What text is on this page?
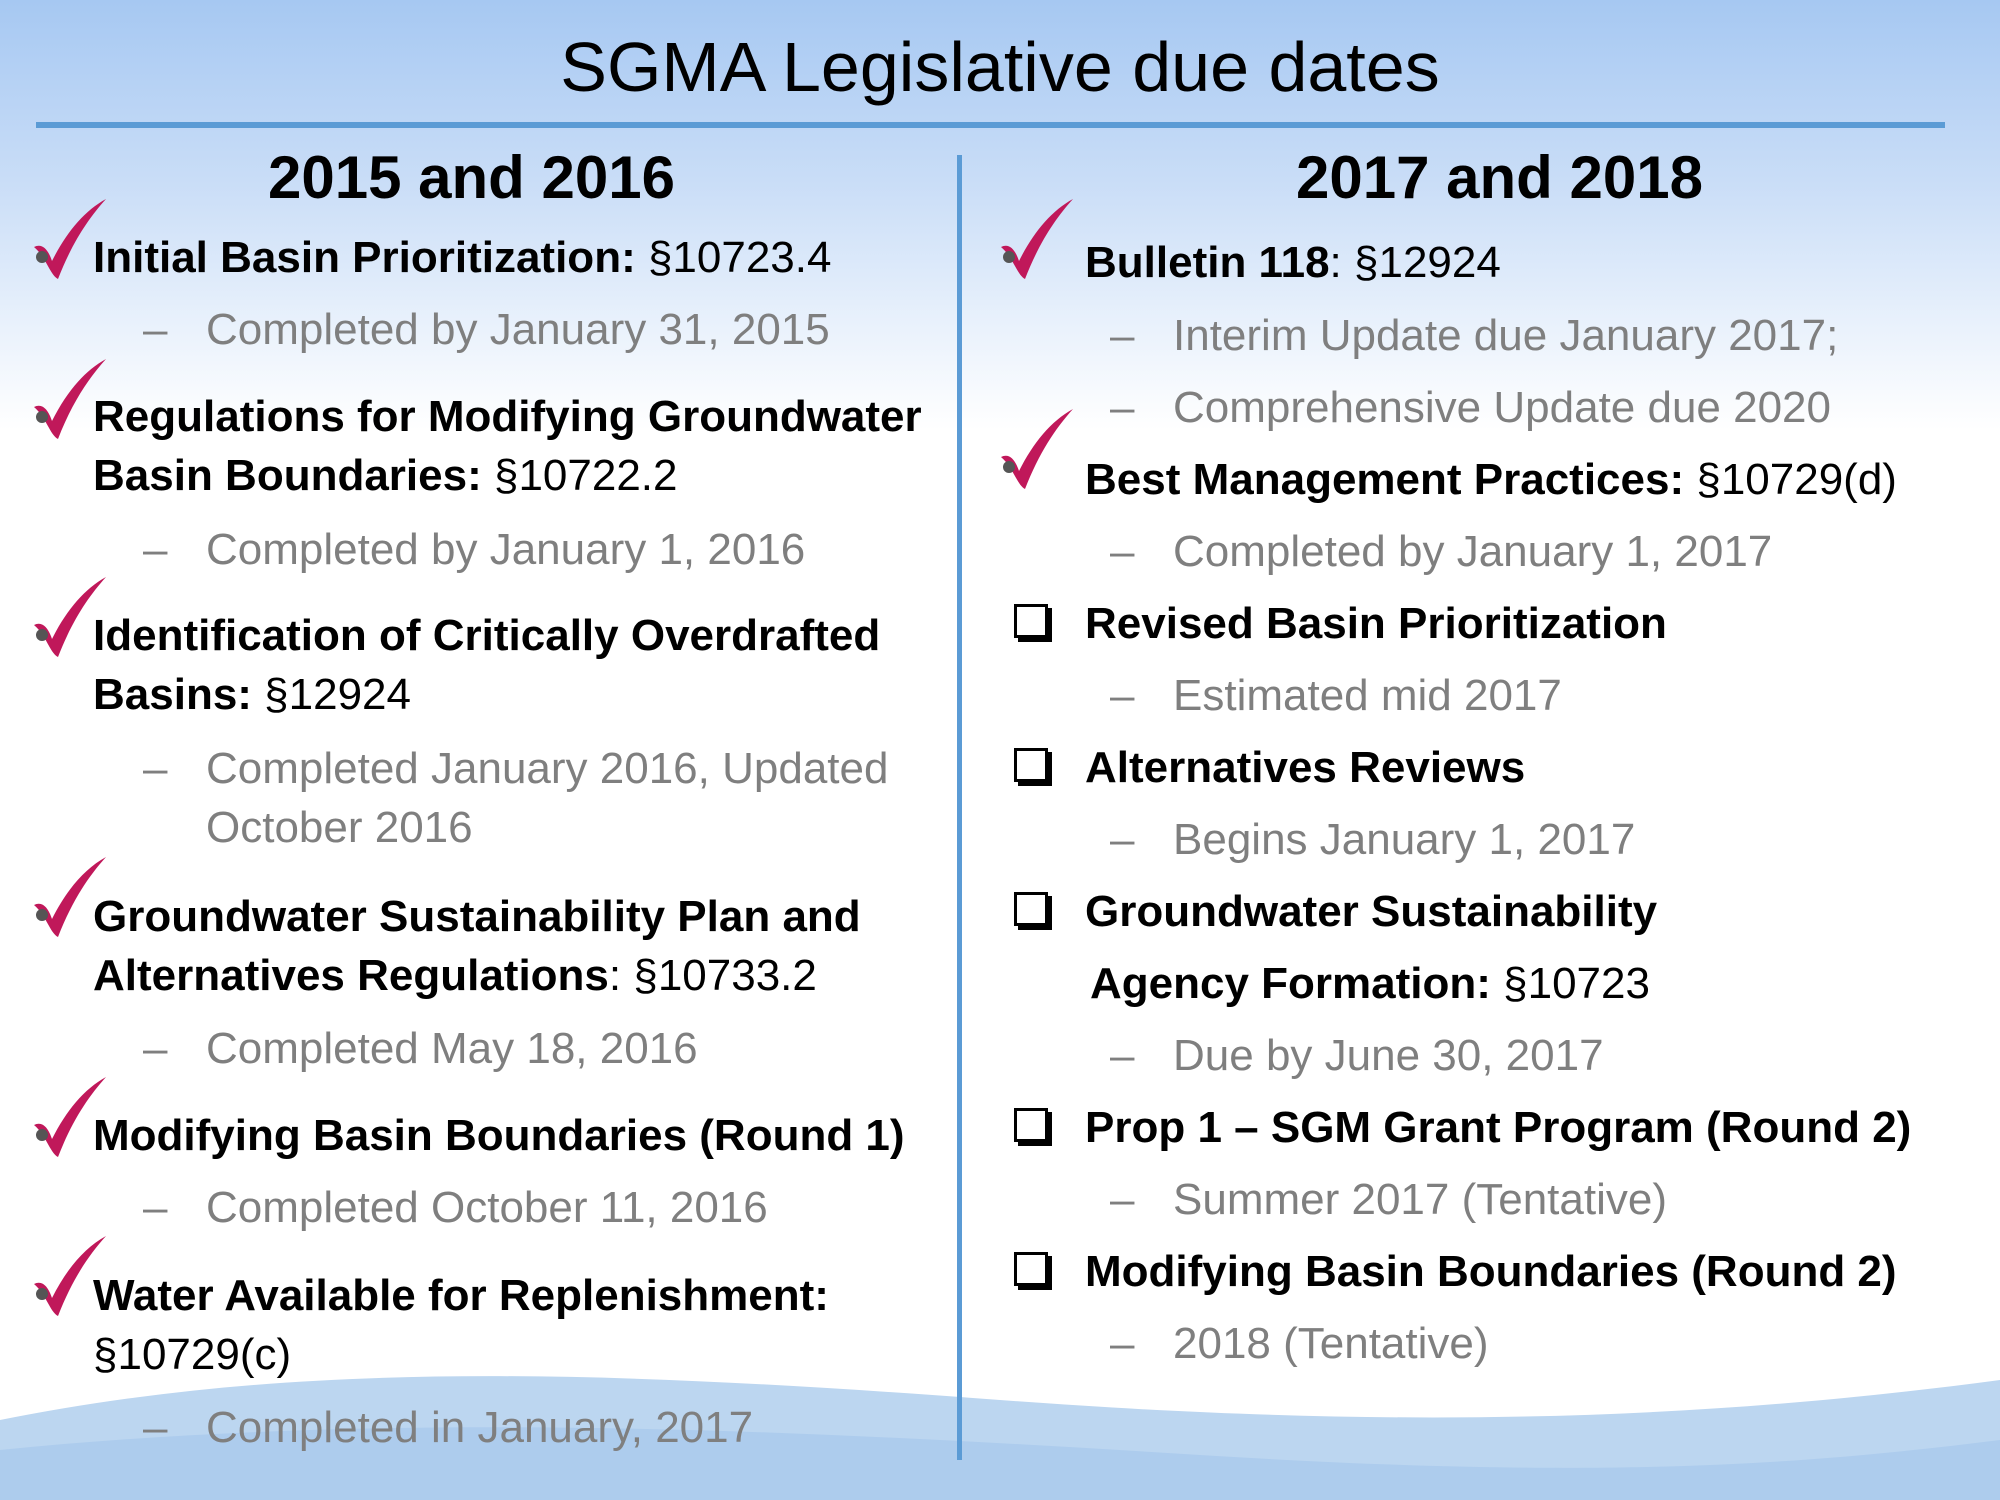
SGMA Legislative due dates
2015 and 2016
Initial Basin Prioritization: §10723.4
– Completed by January 31, 2015
Regulations for Modifying Groundwater
Basin Boundaries: §10722.2
– Completed by January 1, 2016
Identification of Critically Overdrafted
Basins: §12924
– Completed January 2016, Updated
October 2016
Groundwater Sustainability Plan and
Alternatives Regulations: §10733.2
– Completed May 18, 2016
Modifying Basin Boundaries (Round 1)
– Completed October 11, 2016
Water Available for Replenishment:
§10729(c)
– Completed in January, 2017
2017 and 2018
Bulletin 118: §12924
– Interim Update due January 2017;
– Comprehensive Update due 2020
Best Management Practices: §10729(d)
– Completed by January 1, 2017
Revised Basin Prioritization
– Estimated mid 2017
Alternatives Reviews
– Begins January 1, 2017
Groundwater Sustainability
Agency Formation: §10723
– Due by June 30, 2017
Prop 1 – SGM Grant Program (Round 2)
– Summer 2017 (Tentative)
Modifying Basin Boundaries (Round 2)
– 2018 (Tentative)
